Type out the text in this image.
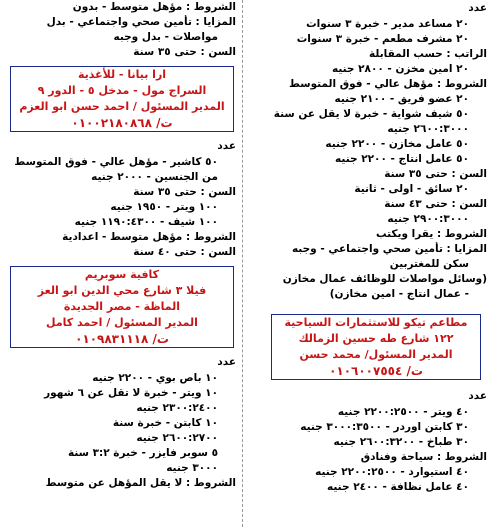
عدد
٢٠ مساعد مدير - خبرة ٣ سنوات
٢٠ مشرف مطعم - خبرة ٣ سنوات
الراتب : حسب المقابلة
٢٠ امين مخزن - ٢٨٠٠ جنيه
الشروط : مؤهل عالي - فوق المتوسط
٢٠ عضو فريق - ٢١٠٠ جنيه
٥٠ شيف شواية - خبرة لا يقل عن سنة
٢٦٠٠:٣٠٠٠ جنيه
٥٠ عامل مخازن - ٢٢٠٠ جنيه
٥٠ عامل انتاج - ٢٢٠٠ جنيه
السن : حتى ٣٥ سنة
٢٠ سائق - اولى - ثانية
السن : حتى ٤٣ سنة
٢٩٠٠:٣٠٠٠ جنيه
الشروط : يقرا ويكتب
المزايا : تأمين صحي واجتماعي - وجبه
سكن للمغتربين
(وسائل مواصلات للوظائف عمال مخازن
- عمال انتاج - امين مخازن)
مطاعم تيكو للاستثمارات السياحية
١٢٢ شارع طه حسين الزمالك
المدير المسئول/ محمد حسن
ت/ ٠١٠٦٠٠٧٥٥٤
عدد
٤٠ ويتر - ٢٢٠٠:٢٥٠٠ جنيه
٣٠ كابتن اوردر - ٣٠٠٠:٣٥٠٠ جنيه
٣٠ طباخ - ٢٦٠٠:٣٢٠٠ جنيه
الشروط : سياحة وفنادق
٤٠ استيوارد - ٢٢٠٠:٢٥٠٠ جنيه
٤٠ عامل نظافة - ٢٤٠٠ جنيه
الشروط : مؤهل متوسط - بدون
المزايا : تأمين صحي واجتماعي - بدل
مواصلات - بدل وجبه
السن : حتى ٣٥ سنة
ارا بيانا - للأغذية
السراج مول - مدخل ٥ - الدور ٩
المدير المسئول / احمد حسن ابو العزم
ت/ ٠١٠٠٢١٨٠٨٦٨
عدد
٥٠ كاشير - مؤهل عالي - فوق المتوسط
من الجنسين - ٢٠٠٠ جنيه
السن : حتى ٣٥ سنة
١٠٠ ويتر - ١٩٥٠ جنيه
١٠٠ شيف - ١١٩٠:٤٣٠٠ جنيه
الشروط : مؤهل متوسط - اعدادية
السن : حتى ٤٠ سنة
كافية سوبريم
فيلا ٣ شارع محي الدين ابو العز
الماظة - مصر الجديدة
المدير المسئول / احمد كامل
ت/ ٠١٠٩٨٣١١١٨
عدد
١٠ باص بوي - ٢٢٠٠ جنيه
١٠ ويتر - خبرة لا تقل عن ٦ شهور
٢٣٠٠:٢٤٠٠ جنيه
١٠ كابتن - خبرة سنة
٢٦٠٠:٢٧٠٠ جنيه
٥ سوبر فايزر - خبرة ٣:٢ سنة
٣٠٠٠ جنيه
الشروط : لا يقل المؤهل عن متوسط
